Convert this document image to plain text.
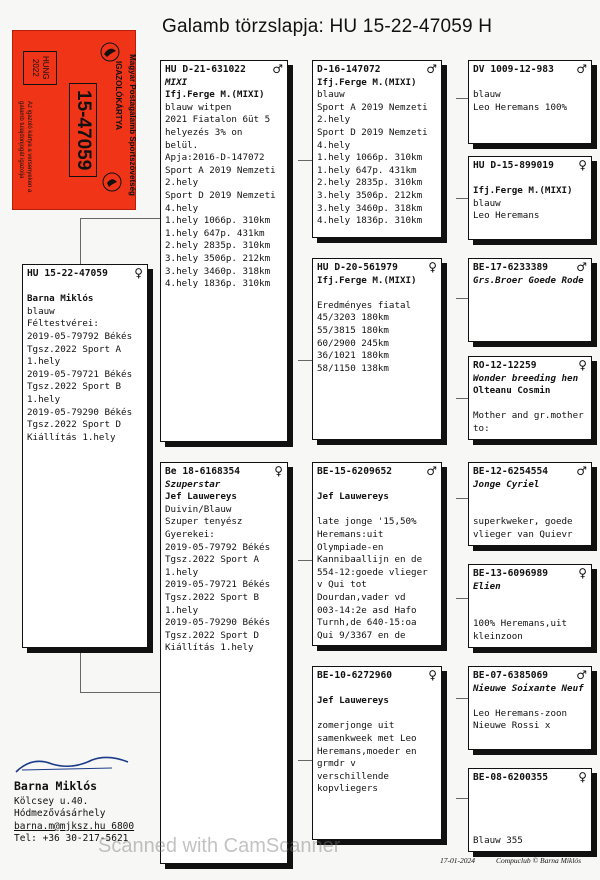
Galamb törzslapja: HU 15-22-47059 H
Magyar Postagalamb Sportszövetség
IGAZOLÓKÁRTYA
15-47059
HUNG
2022
Az igazoló kártya a versenyeken a galamb tulajdonjogát igazolja
HU 15-22-47059 ♀
Barna Miklós
blauw
Féltestvérei:
2019-05-79792 Békés
Tgsz.2022 Sport A
1.hely
2019-05-79721 Békés
Tgsz.2022 Sport B
1.hely
2019-05-79290 Békés
Tgsz.2022 Sport D
Kiállítás 1.hely
HU D-21-631022 ♂
MIXI
Ifj.Ferge M.(MIXI)
blauw witpen
2021 Fiatalon 6üt 5
helyezés 3% on
belül.
Apja:2016-D-147072
Sport A 2019 Nemzeti
2.hely
Sport D 2019 Nemzeti
4.hely
1.hely 1066p. 310km
1.hely 647p. 431km
2.hely 2835p. 310km
3.hely 3506p. 212km
3.hely 3460p. 318km
4.hely 1836p. 310km
Be 18-6168354	♀
Szuperstar
Jef Lauwereys
Duivin/Blauw
Szuper tenyész
Gyerekei:
2019-05-79792 Békés
Tgsz.2022 Sport A
1.hely
2019-05-79721 Békés
Tgsz.2022 Sport B
1.hely
2019-05-79290 Békés
Tgsz.2022 Sport D
Kiállítás 1.hely
D-16-147072	♂
Ifj.Ferge M.(MIXI)
blauw
Sport A 2019 Nemzeti
2.hely
Sport D 2019 Nemzeti
4.hely
1.hely 1066p. 310km
1.hely 647p. 431km
2.hely 2835p. 310km
3.hely 3506p. 212km
3.hely 3460p. 318km
4.hely 1836p. 310km
HU D-20-561979	♀
Ifj.Ferge M.(MIXI)
Eredményes fiatal
45/3203 180km
55/3815 180km
60/2900 245km
36/1021 180km
58/1150 138km
BE-15-6209652	♂
Jef Lauwereys
late jonge '15,50%
Heremans:uit
Olympiade-en
Kannibaallijn en de
554-12:goede vlieger
v Qui tot
Dourdan,vader vd
003-14:2e asd Hafo
Turnh,de 640-15:oa
Qui 9/3367 en de
BE-10-6272960	♀
Jef Lauwereys
zomerjonge uit
samenkweek met Leo
Heremans,moeder en
grmdr v
verschillende
kopvliegers
DV 1009-12-983 ♂
blauw
Leo Heremans 100%
HU D-15-899019 ♀
Ifj.Ferge M.(MIXI)
blauw
Leo Heremans
BE-17-6233389 ♂
Grs.Broer Goede Rode
RO-12-12259	♀
Wonder breeding hen
Olteanu Cosmin
Mother and gr.mother
to:
BE-12-6254554 ♂
Jonge Cyriel
superkweker, goede
vlieger van Quievr
BE-13-6096989	♀
Elien
100% Heremans,uit
kleinzoon
BE-07-6385069 ♂
Nieuwe Soixante Neuf
Leo Heremans-zoon
Nieuwe Rossi x
BE-08-6200355	♀
Blauw 355
Barna Miklós
Kölcsey u.40.
Hódmezővásárhely
barna.m@mjksz.hu 6800
Tel: +36 30-217-5621
Scanned with CamScanner
17-01-2024	Compuclub © Barna Miklós
